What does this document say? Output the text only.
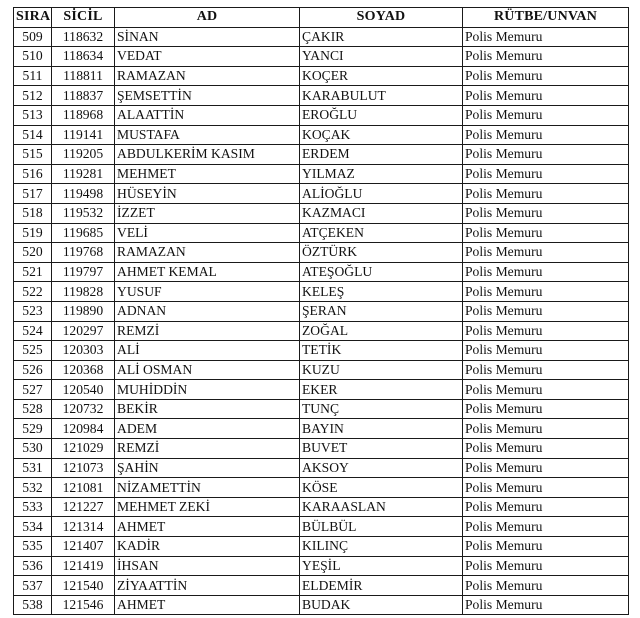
SIRA	SİCİL	AD	SOYAD	RÜTBE/UNVAN
509	118632	SİNAN	ÇAKIR	Polis Memuru
510	118634	VEDAT	YANCI	Polis Memuru
511	118811	RAMAZAN	KOÇER	Polis Memuru
512	118837	ŞEMSETTİN	KARABULUT	Polis Memuru
513	118968	ALAATTİN	EROĞLU	Polis Memuru
514	119141	MUSTAFA	KOÇAK	Polis Memuru
515	119205	ABDULKERİM KASIM	ERDEM	Polis Memuru
516	119281	MEHMET	YILMAZ	Polis Memuru
517	119498	HÜSEYİN	ALİOĞLU	Polis Memuru
518	119532	İZZET	KAZMACI	Polis Memuru
519	119685	VELİ	ATÇEKEN	Polis Memuru
520	119768	RAMAZAN	ÖZTÜRK	Polis Memuru
521	119797	AHMET KEMAL	ATEŞOĞLU	Polis Memuru
522	119828	YUSUF	KELEŞ	Polis Memuru
523	119890	ADNAN	ŞERAN	Polis Memuru
524	120297	REMZİ	ZOĞAL	Polis Memuru
525	120303	ALİ	TETİK	Polis Memuru
526	120368	ALİ OSMAN	KUZU	Polis Memuru
527	120540	MUHİDDİN	EKER	Polis Memuru
528	120732	BEKİR	TUNÇ	Polis Memuru
529	120984	ADEM	BAYIN	Polis Memuru
530	121029	REMZİ	BUVET	Polis Memuru
531	121073	ŞAHİN	AKSOY	Polis Memuru
532	121081	NİZAMETTİN	KÖSE	Polis Memuru
533	121227	MEHMET ZEKİ	KARAASLAN	Polis Memuru
534	121314	AHMET	BÜLBÜL	Polis Memuru
535	121407	KADİR	KILINÇ	Polis Memuru
536	121419	İHSAN	YEŞİL	Polis Memuru
537	121540	ZİYAATTİN	ELDEMİR	Polis Memuru
538	121546	AHMET	BUDAK	Polis Memuru
